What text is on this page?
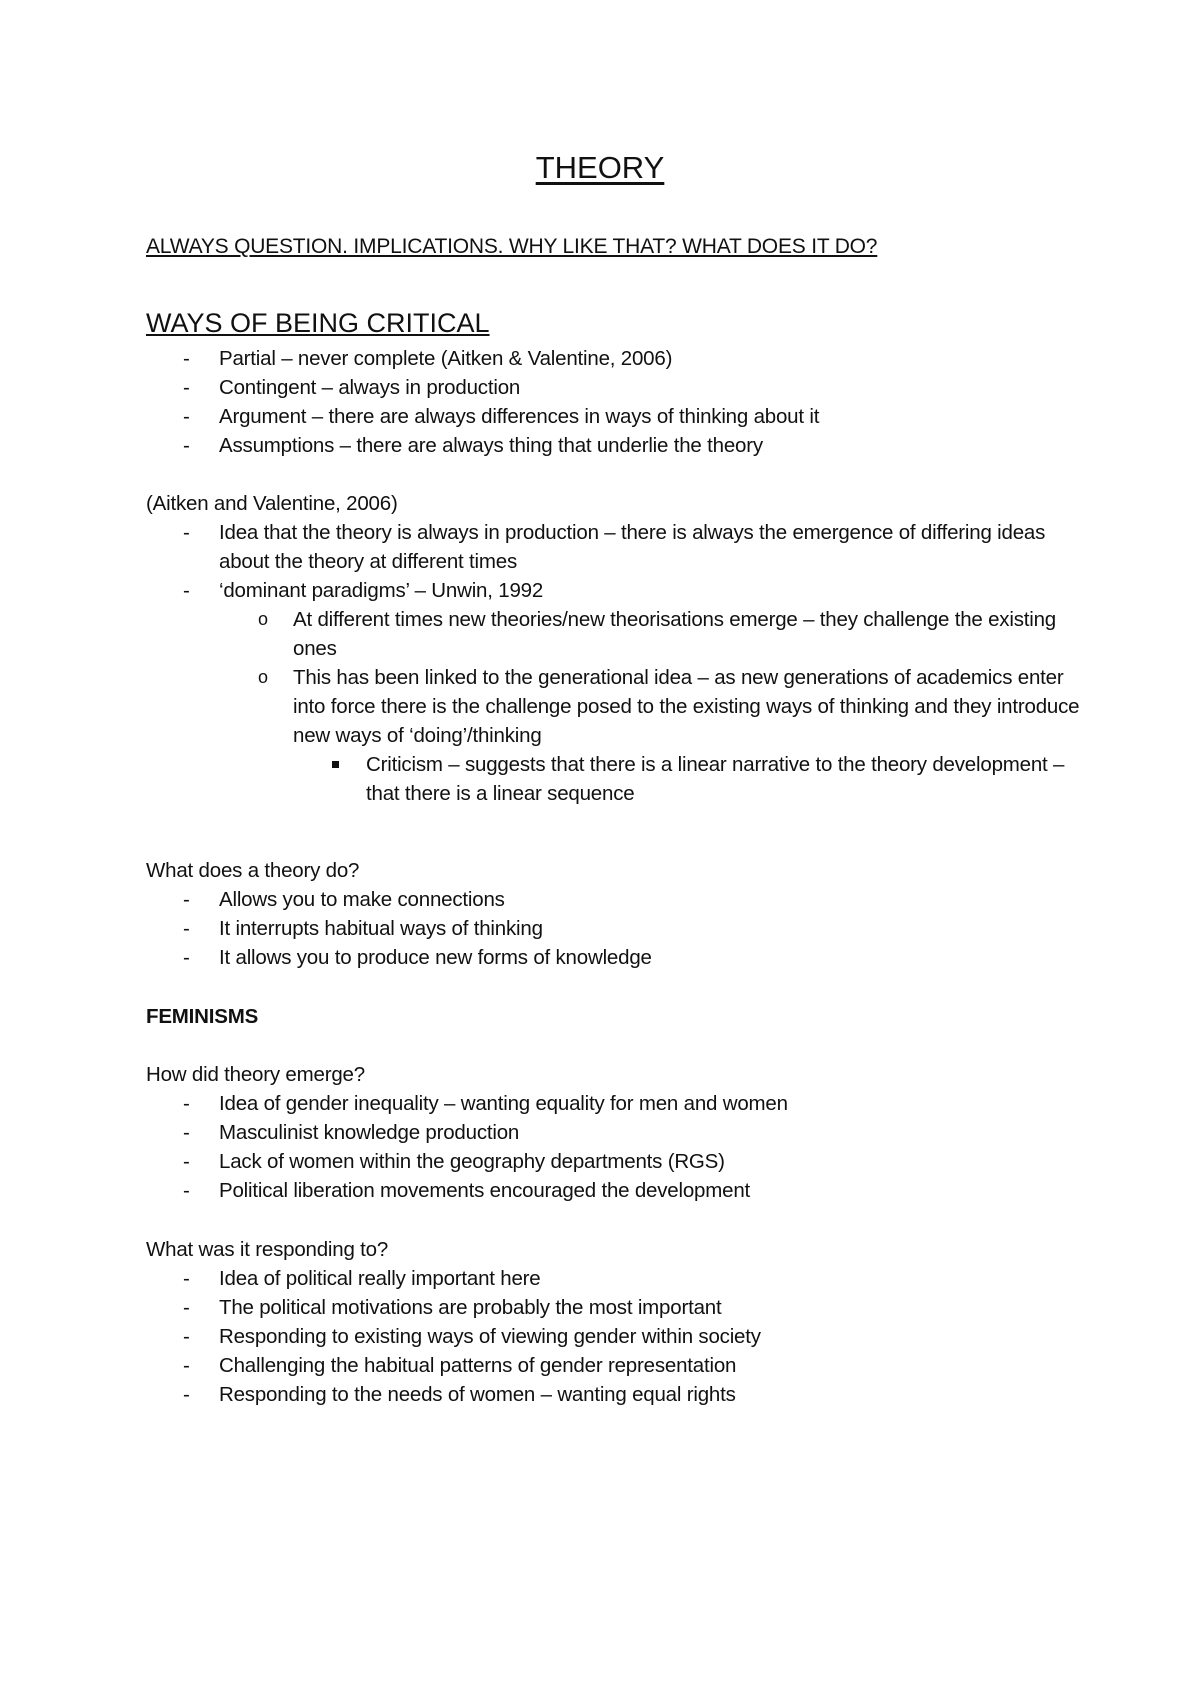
THEORY
ALWAYS QUESTION. IMPLICATIONS. WHY LIKE THAT? WHAT DOES IT DO?
WAYS OF BEING CRITICAL
- Partial – never complete (Aitken & Valentine, 2006)
- Contingent – always in production
- Argument – there are always differences in ways of thinking about it
- Assumptions – there are always thing that underlie the theory
(Aitken and Valentine, 2006)
- Idea that the theory is always in production – there is always the emergence of differing ideas about the theory at different times
- ‘dominant paradigms’ – Unwin, 1992
o At different times new theories/new theorisations emerge – they challenge the existing ones
o This has been linked to the generational idea – as new generations of academics enter into force there is the challenge posed to the existing ways of thinking and they introduce new ways of ‘doing’/thinking
Criticism – suggests that there is a linear narrative to the theory development – that there is a linear sequence
What does a theory do?
- Allows you to make connections
- It interrupts habitual ways of thinking
- It allows you to produce new forms of knowledge
FEMINISMS
How did theory emerge?
- Idea of gender inequality – wanting equality for men and women
- Masculinist knowledge production
- Lack of women within the geography departments (RGS)
- Political liberation movements encouraged the development
What was it responding to?
- Idea of political really important here
- The political motivations are probably the most important
- Responding to existing ways of viewing gender within society
- Challenging the habitual patterns of gender representation
- Responding to the needs of women – wanting equal rights
